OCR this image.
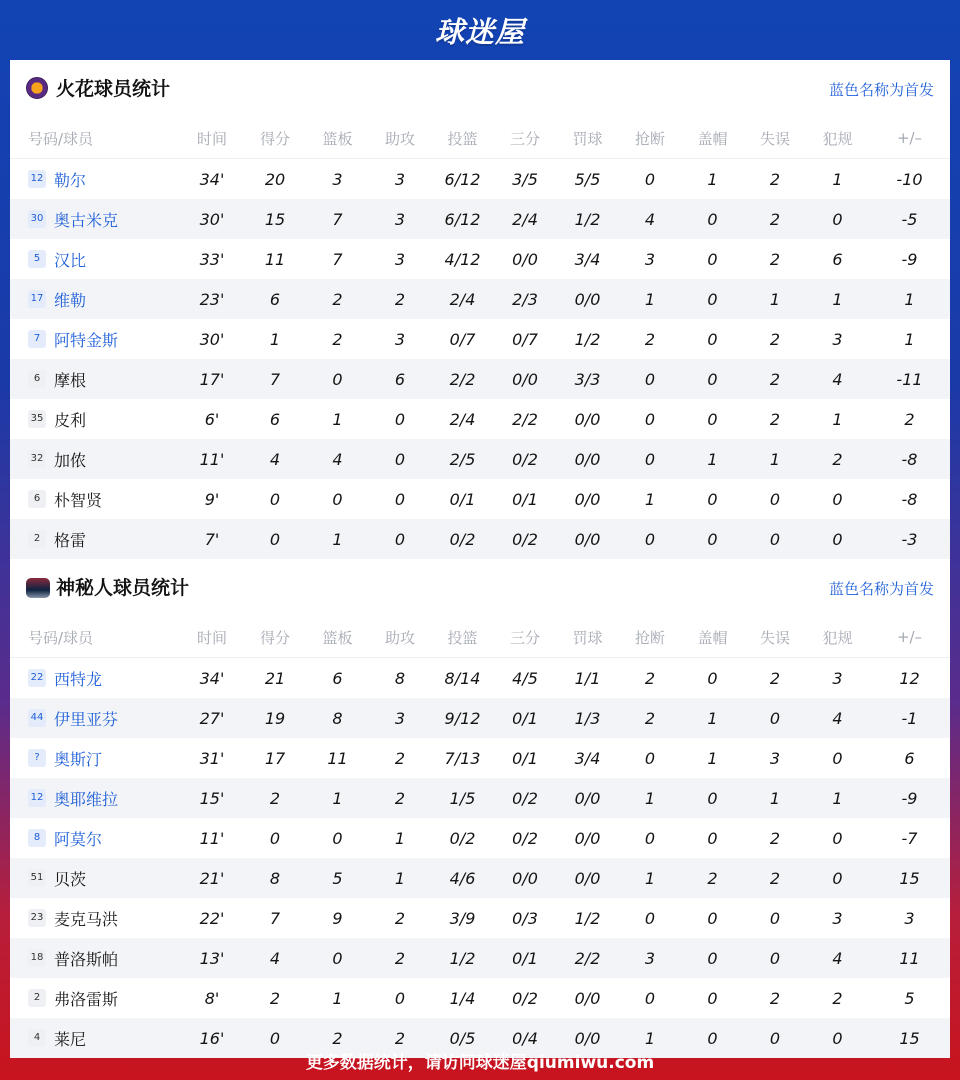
球迷屋
火花球员统计	蓝色名称为首发
号码/球员	时间	得分	篮板	助攻	投篮	三分	罚球	抢断	盖帽	失误	犯规	+/–
12 勒尔	34'	20	3	3	6/12	3/5	5/5	0	1	2	1	-10
30 奥古米克	30'	15	7	3	6/12	2/4	1/2	4	0	2	0	-5
5 汉比	33'	11	7	3	4/12	0/0	3/4	3	0	2	6	-9
17 维勒	23'	6	2	2	2/4	2/3	0/0	1	0	1	1	1
7 阿特金斯	30'	1	2	3	0/7	0/7	1/2	2	0	2	3	1
6 摩根	17'	7	0	6	2/2	0/0	3/3	0	0	2	4	-11
35 皮利	6'	6	1	0	2/4	2/2	0/0	0	0	2	1	2
32 加侬	11'	4	4	0	2/5	0/2	0/0	0	1	1	2	-8
6 朴智贤	9'	0	0	0	0/1	0/1	0/0	1	0	0	0	-8
2 格雷	7'	0	1	0	0/2	0/2	0/0	0	0	0	0	-3
神秘人球员统计	蓝色名称为首发
号码/球员	时间	得分	篮板	助攻	投篮	三分	罚球	抢断	盖帽	失误	犯规	+/–
22 西特龙	34'	21	6	8	8/14	4/5	1/1	2	0	2	3	12
44 伊里亚芬	27'	19	8	3	9/12	0/1	1/3	2	1	0	4	-1
? 奥斯汀	31'	17	11	2	7/13	0/1	3/4	0	1	3	0	6
12 奥耶维拉	15'	2	1	2	1/5	0/2	0/0	1	0	1	1	-9
8 阿莫尔	11'	0	0	1	0/2	0/2	0/0	0	0	2	0	-7
51 贝茨	21'	8	5	1	4/6	0/0	0/0	1	2	2	0	15
23 麦克马洪	22'	7	9	2	3/9	0/3	1/2	0	0	0	3	3
18 普洛斯帕	13'	4	0	2	1/2	0/1	2/2	3	0	0	4	11
2 弗洛雷斯	8'	2	1	0	1/4	0/2	0/0	0	0	2	2	5
4 莱尼	16'	0	2	2	0/5	0/4	0/0	1	0	0	0	15
更多数据统计，请访问球迷屋qiumiwu.com
